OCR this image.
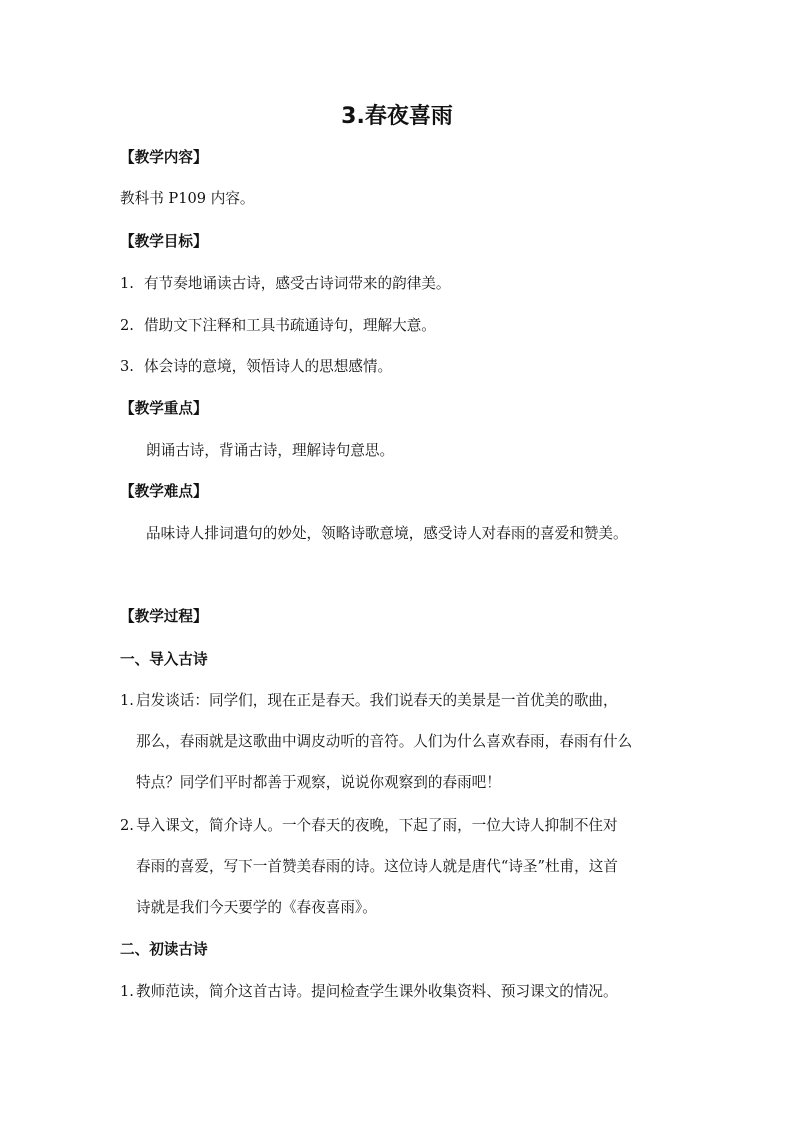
3.春夜喜雨
【教学内容】
教科书 P109 内容。
【教学目标】
1. 有节奏地诵读古诗，感受古诗词带来的韵律美。
2. 借助文下注释和工具书疏通诗句，理解大意。
3. 体会诗的意境，领悟诗人的思想感情。
【教学重点】
朗诵古诗，背诵古诗，理解诗句意思。
【教学难点】
品味诗人排词遣句的妙处，领略诗歌意境，感受诗人对春雨的喜爱和赞美。
【教学过程】
一、导入古诗
1. 启发谈话：同学们，现在正是春天。我们说春天的美景是一首优美的歌曲，
那么，春雨就是这歌曲中调皮动听的音符。人们为什么喜欢春雨，春雨有什么
特点？同学们平时都善于观察，说说你观察到的春雨吧！
2. 导入课文，简介诗人。一个春天的夜晚，下起了雨，一位大诗人抑制不住对
春雨的喜爱，写下一首赞美春雨的诗。这位诗人就是唐代“诗圣”杜甫，这首
诗就是我们今天要学的《春夜喜雨》。
二、初读古诗
1. 教师范读，简介这首古诗。提问检查学生课外收集资料、预习课文的情况。
